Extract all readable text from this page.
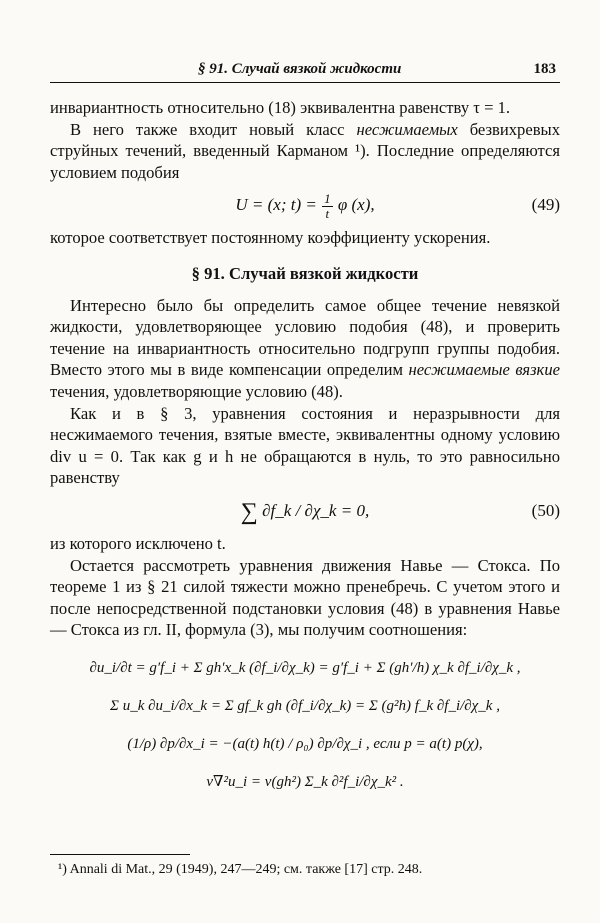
§ 91. Случай вязкой жидкости	183

инвариантность относительно (18) эквивалентна равенству τ = 1.

В него также входит новый класс несжимаемых безвихревых струйных течений, введенный Карманом ¹). Последние определяются условием подобия

U = (x; $t) = \frac{1}{t}$ φ (x),	(49)

которое соответствует постоянному коэффициенту ускорения.

§ 91. Случай вязкой жидкости

Интересно было бы определить самое общее течение невязкой жидкости, удовлетворяющее условию подобия (48), и проверить течение на инвариантность относительно подгрупп группы подобия. Вместо этого мы в виде компенсации определим несжимаемые вязкие течения, удовлетворяющие условию (48).

Как и в § 3, уравнения состояния и неразрывности для несжимаемого течения, взятые вместе, эквивалентны одному условию div u = 0. Так как g и h не обращаются в нуль, то это равносильно равенству

∑ ∂f_k / ∂χ_k = 0,	(50)

из которого исключено t.

Остается рассмотреть уравнения движения Навье — Стокса. По теореме 1 из § 21 силой тяжести можно пренебречь. С учетом этого и после непосредственной подстановки условия (48) в уравнения Навье — Стокса из гл. II, формула (3), мы получим соотношения:

∂u_i/∂t = g′f_i + Σ gh′x_k (∂f_i/∂χ_k) = g′f_i + Σ (gh′/h) χ_k ∂f_i/∂χ_k ,
Σ u_k ∂u_i/∂x_k = Σ gf_k gh (∂f_i/∂χ_k) = Σ (g²h) f_k ∂f_i/∂χ_k ,
(1/ρ) ∂p/∂x_i = −(a(t) h(t) / ρ₀) ∂p/∂χ_i , если p = a(t) p(χ),
ν∇²u_i = ν(gh²) Σ_k ∂²f_i/∂χ_k² .
¹) Annali di Mat., 29 (1949), 247—249; см. также [17] стр. 248.
